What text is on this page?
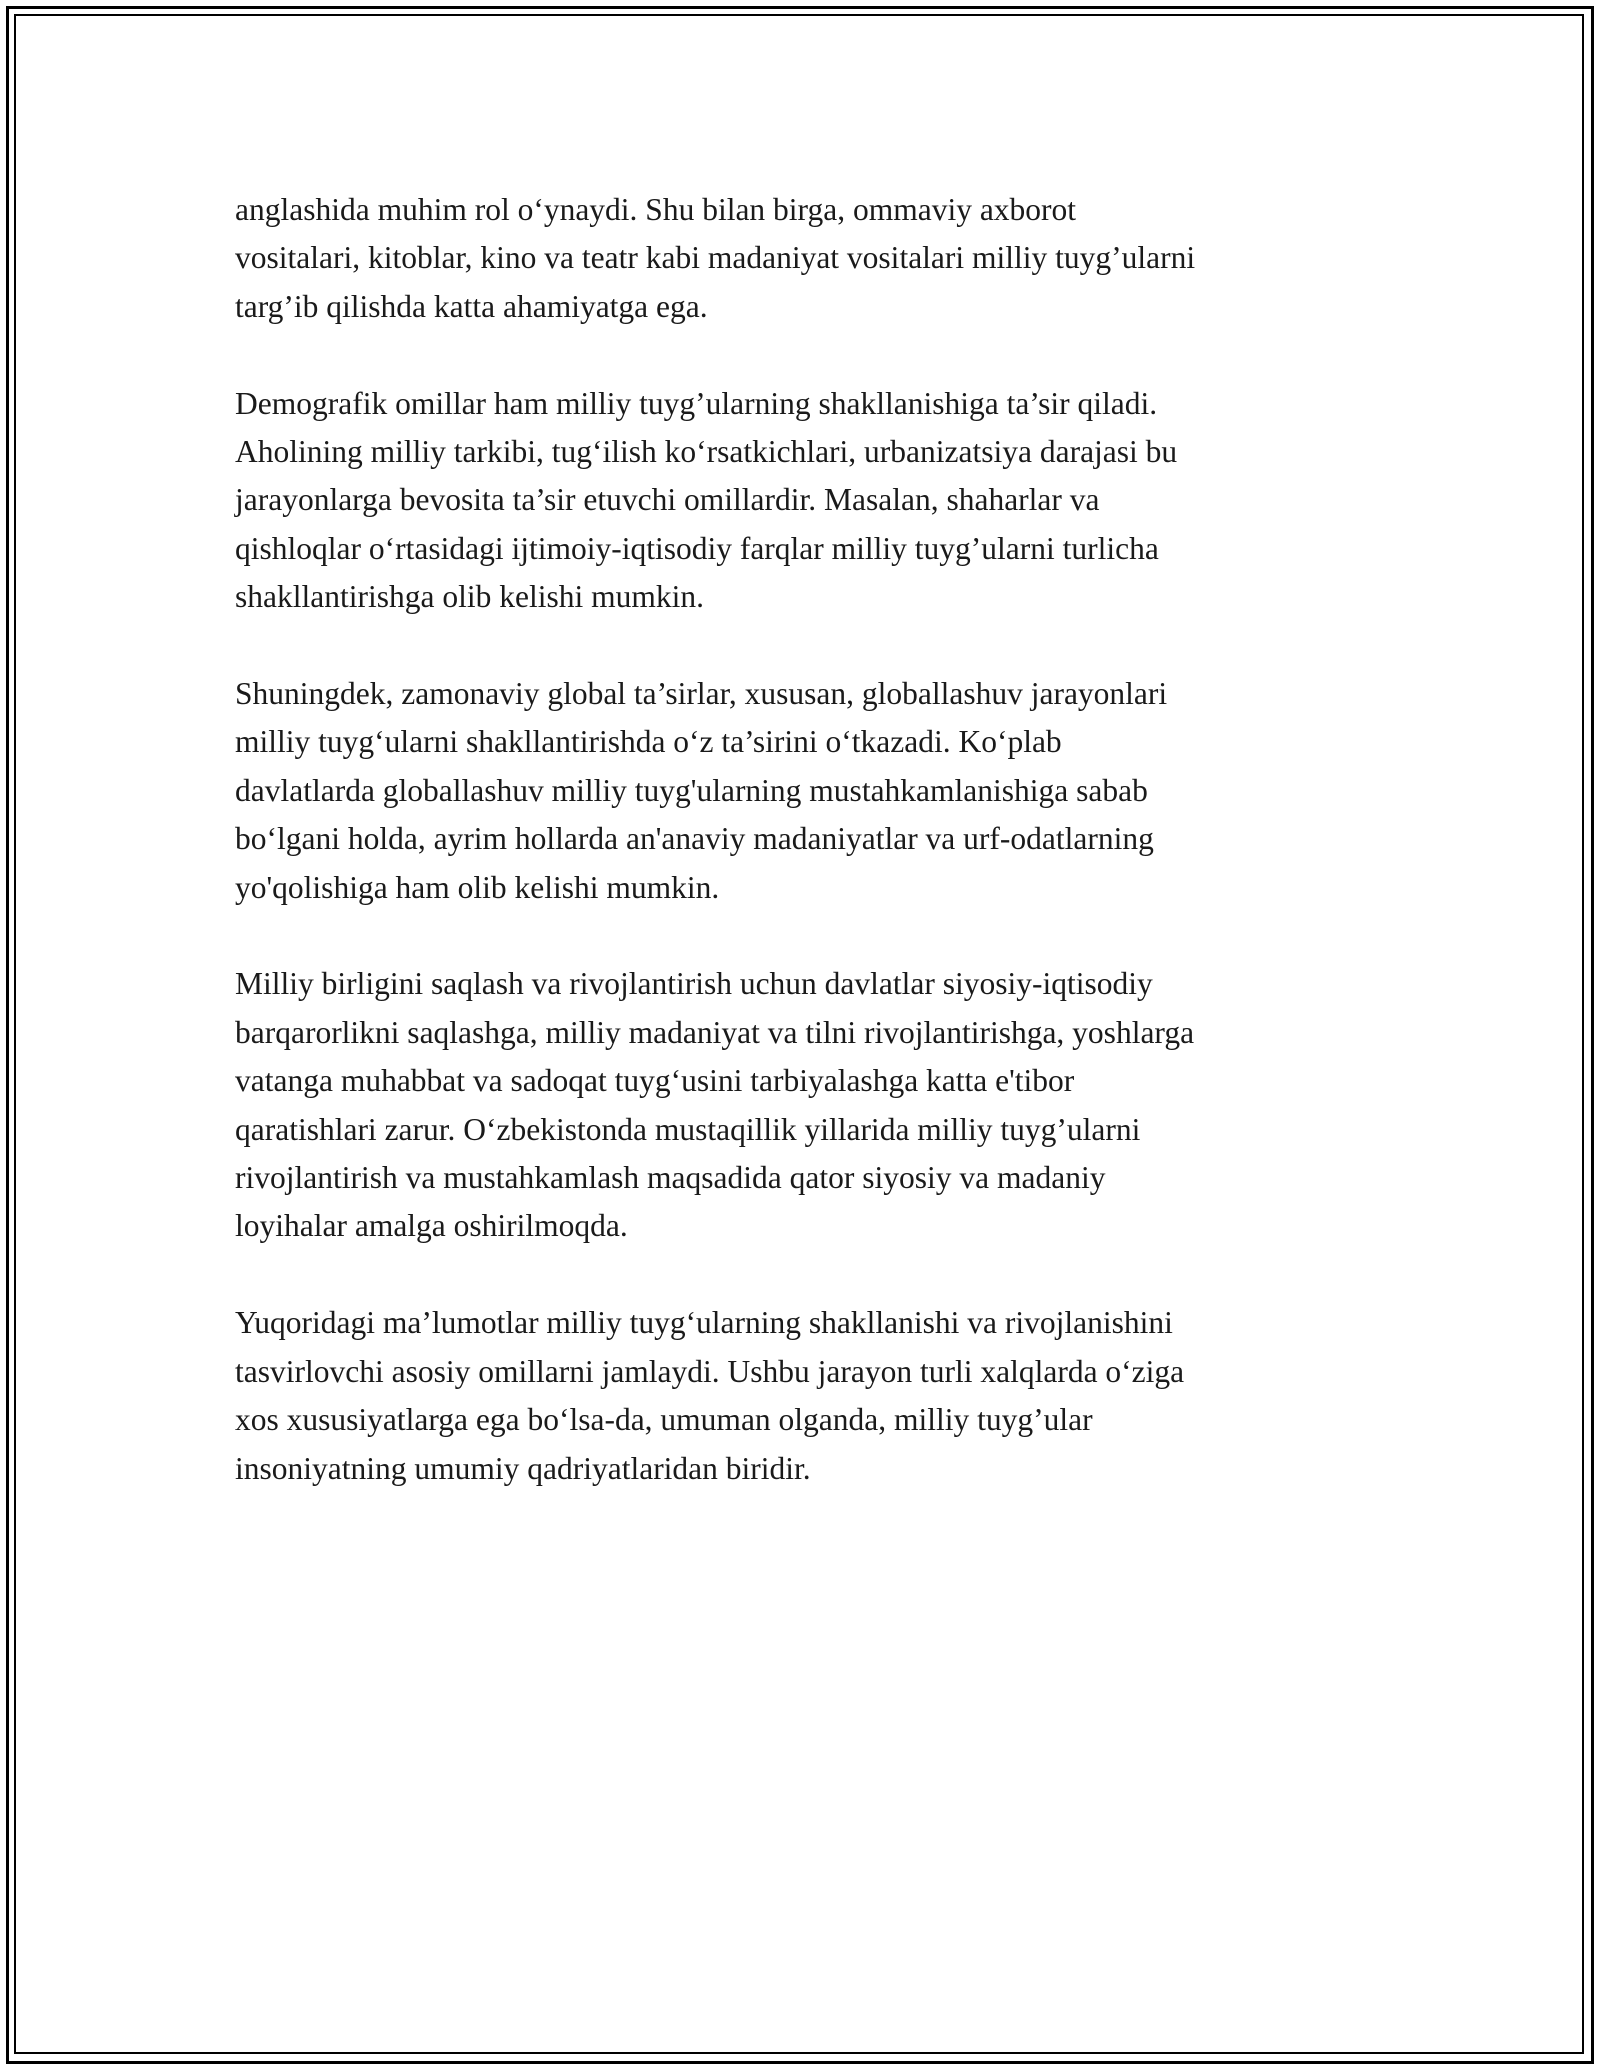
anglashida muhim rol o‘ynaydi. Shu bilan birga, ommaviy axborot
vositalari, kitoblar, kino va teatr kabi madaniyat vositalari milliy tuyg’ularni
targ’ib qilishda katta ahamiyatga ega.

Demografik omillar ham milliy tuyg’ularning shakllanishiga ta’sir qiladi.
Aholining milliy tarkibi, tug‘ilish ko‘rsatkichlari, urbanizatsiya darajasi bu
jarayonlarga bevosita ta’sir etuvchi omillardir. Masalan, shaharlar va
qishloqlar o‘rtasidagi ijtimoiy-iqtisodiy farqlar milliy tuyg’ularni turlicha
shakllantirishga olib kelishi mumkin.

Shuningdek, zamonaviy global ta’sirlar, xususan, globallashuv jarayonlari
milliy tuyg‘ularni shakllantirishda o‘z ta’sirini o‘tkazadi. Ko‘plab
davlatlarda globallashuv milliy tuyg'ularning mustahkamlanishiga sabab
bo‘lgani holda, ayrim hollarda an'anaviy madaniyatlar va urf-odatlarning
yo'qolishiga ham olib kelishi mumkin.

Milliy birligini saqlash va rivojlantirish uchun davlatlar siyosiy-iqtisodiy
barqarorlikni saqlashga, milliy madaniyat va tilni rivojlantirishga, yoshlarga
vatanga muhabbat va sadoqat tuyg‘usini tarbiyalashga katta e'tibor
qaratishlari zarur. O‘zbekistonda mustaqillik yillarida milliy tuyg’ularni
rivojlantirish va mustahkamlash maqsadida qator siyosiy va madaniy
loyihalar amalga oshirilmoqda.

Yuqoridagi ma’lumotlar milliy tuyg‘ularning shakllanishi va rivojlanishini
tasvirlovchi asosiy omillarni jamlaydi. Ushbu jarayon turli xalqlarda o‘ziga
xos xususiyatlarga ega bo‘lsa-da, umuman olganda, milliy tuyg’ular
insoniyatning umumiy qadriyatlaridan biridir.
